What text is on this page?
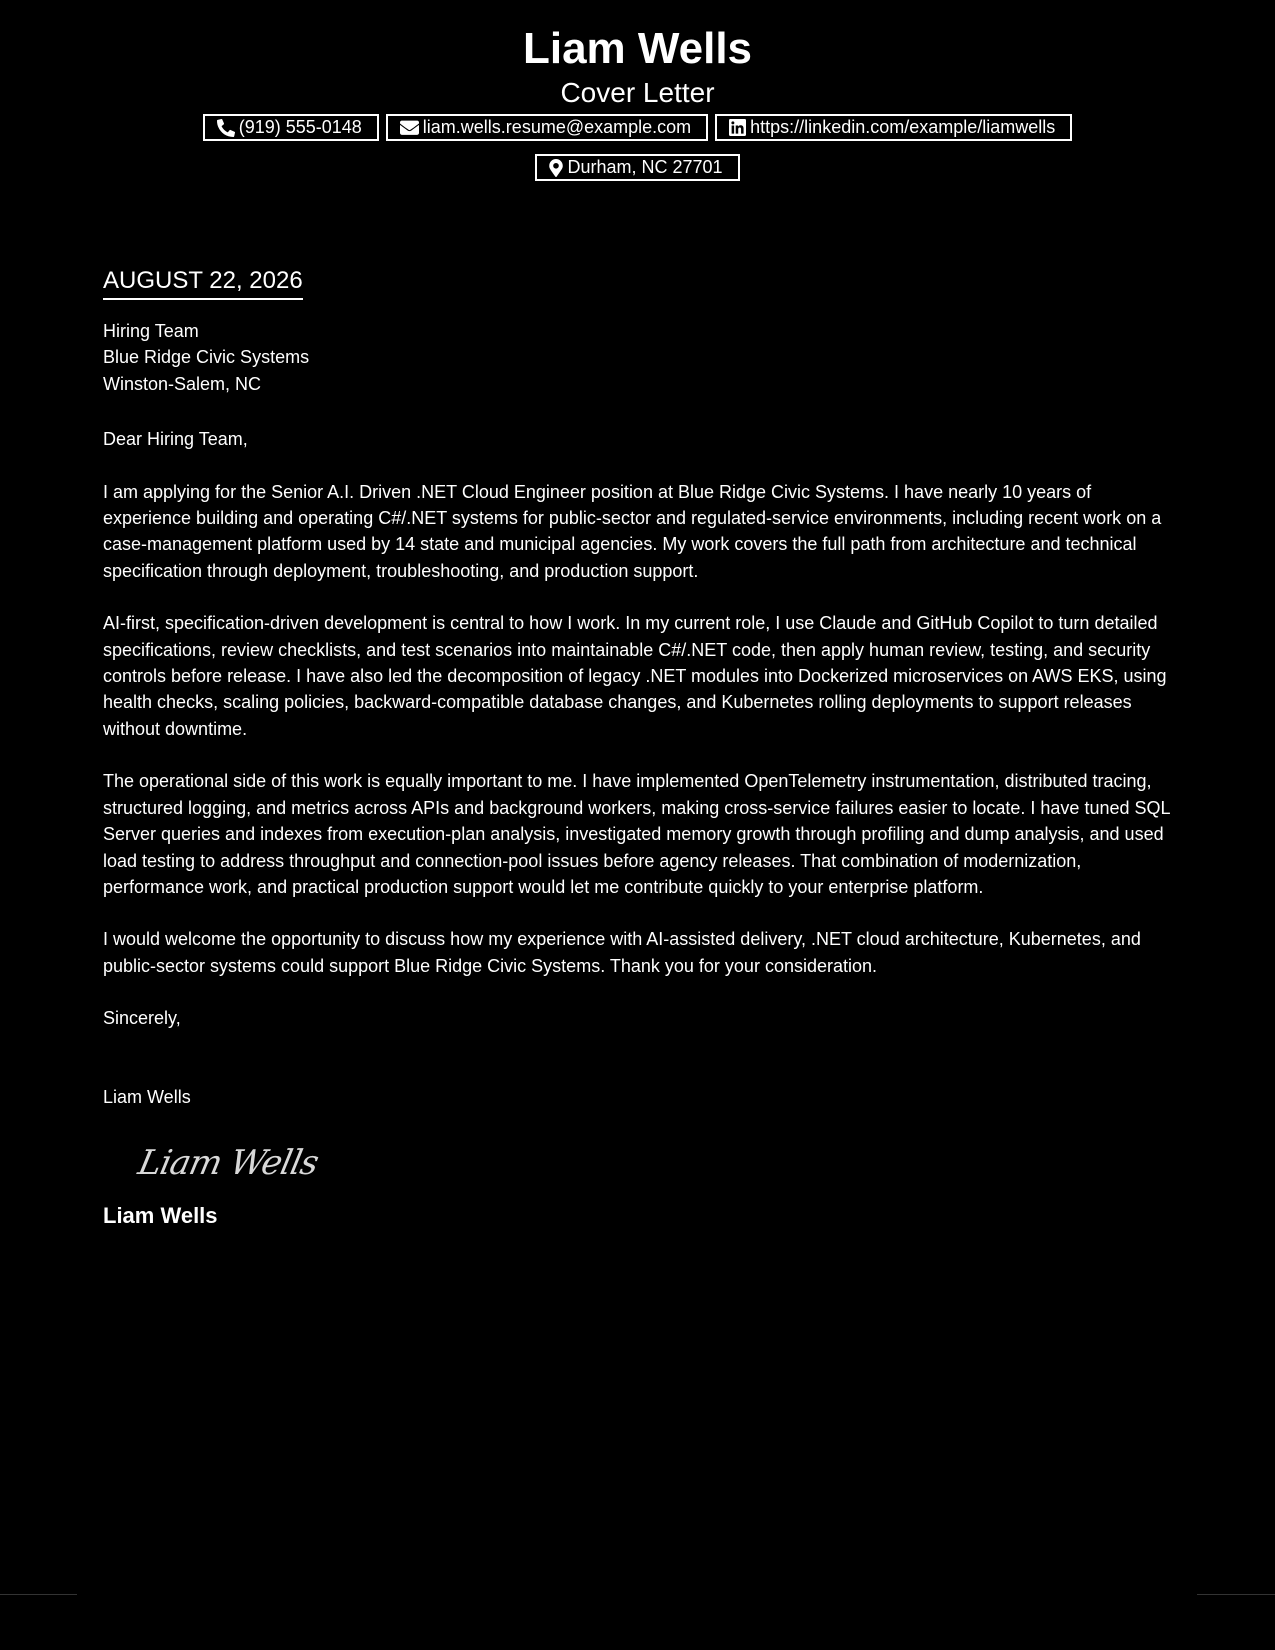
Liam Wells
Cover Letter
(919) 555-0148	liam.wells.resume@example.com	https://linkedin.com/example/liamwells
Durham, NC 27701
AUGUST 22, 2026
Hiring Team
Blue Ridge Civic Systems
Winston-Salem, NC
Dear Hiring Team,
I am applying for the Senior A.I. Driven .NET Cloud Engineer position at Blue Ridge Civic Systems. I have nearly 10 years of experience building and operating C#/.NET systems for public-sector and regulated-service environments, including recent work on a case-management platform used by 14 state and municipal agencies. My work covers the full path from architecture and technical specification through deployment, troubleshooting, and production support.
AI-first, specification-driven development is central to how I work. In my current role, I use Claude and GitHub Copilot to turn detailed specifications, review checklists, and test scenarios into maintainable C#/.NET code, then apply human review, testing, and security controls before release. I have also led the decomposition of legacy .NET modules into Dockerized microservices on AWS EKS, using health checks, scaling policies, backward-compatible database changes, and Kubernetes rolling deployments to support releases without downtime.
The operational side of this work is equally important to me. I have implemented OpenTelemetry instrumentation, distributed tracing, structured logging, and metrics across APIs and background workers, making cross-service failures easier to locate. I have tuned SQL Server queries and indexes from execution-plan analysis, investigated memory growth through profiling and dump analysis, and used load testing to address throughput and connection-pool issues before agency releases. That combination of modernization, performance work, and practical production support would let me contribute quickly to your enterprise platform.
I would welcome the opportunity to discuss how my experience with AI-assisted delivery, .NET cloud architecture, Kubernetes, and public-sector systems could support Blue Ridge Civic Systems. Thank you for your consideration.
Sincerely,
Liam Wells
Liam Wells
Liam Wells
